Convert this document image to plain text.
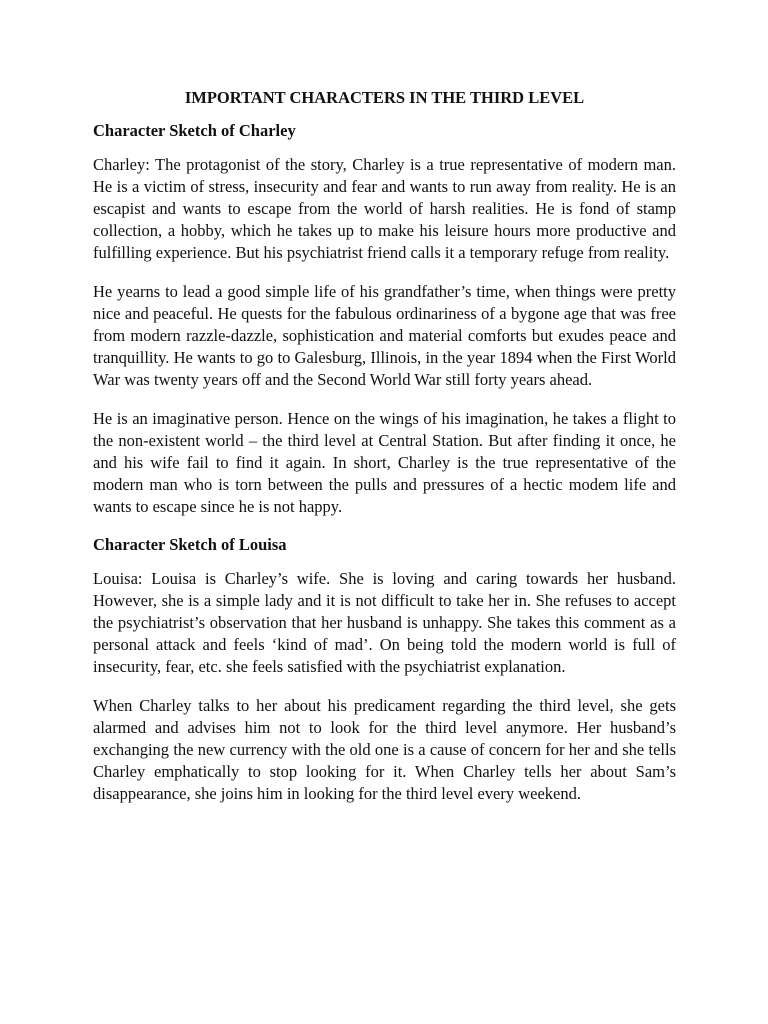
IMPORTANT CHARACTERS IN THE THIRD LEVEL
Character Sketch of Charley

Charley: The protagonist of the story, Charley is a true representative of modern man. He is a victim of stress, insecurity and fear and wants to run away from reality. He is an escapist and wants to escape from the world of harsh realities. He is fond of stamp collection, a hobby, which he takes up to make his leisure hours more productive and fulfilling experience. But his psychiatrist friend calls it a temporary refuge from reality.

He yearns to lead a good simple life of his grandfather’s time, when things were pretty nice and peaceful. He quests for the fabulous ordinariness of a bygone age that was free from modern razzle-dazzle, sophistication and material comforts but exudes peace and tranquillity. He wants to go to Galesburg, Illinois, in the year 1894 when the First World War was twenty years off and the Second World War still forty years ahead.

He is an imaginative person. Hence on the wings of his imagination, he takes a flight to the non-existent world – the third level at Central Station. But after finding it once, he and his wife fail to find it again. In short, Charley is the true representative of the modern man who is torn between the pulls and pressures of a hectic modem life and wants to escape since he is not happy.

Character Sketch of Louisa

Louisa: Louisa is Charley’s wife. She is loving and caring towards her husband. However, she is a simple lady and it is not difficult to take her in. She refuses to accept the psychiatrist’s observation that her husband is unhappy. She takes this comment as a personal attack and feels ‘kind of mad’. On being told the modern world is full of insecurity, fear, etc. she feels satisfied with the psychiatrist explanation.

When Charley talks to her about his predicament regarding the third level, she gets alarmed and advises him not to look for the third level anymore. Her husband’s exchanging the new currency with the old one is a cause of concern for her and she tells Charley emphatically to stop looking for it. When Charley tells her about Sam’s disappearance, she joins him in looking for the third level every weekend.
